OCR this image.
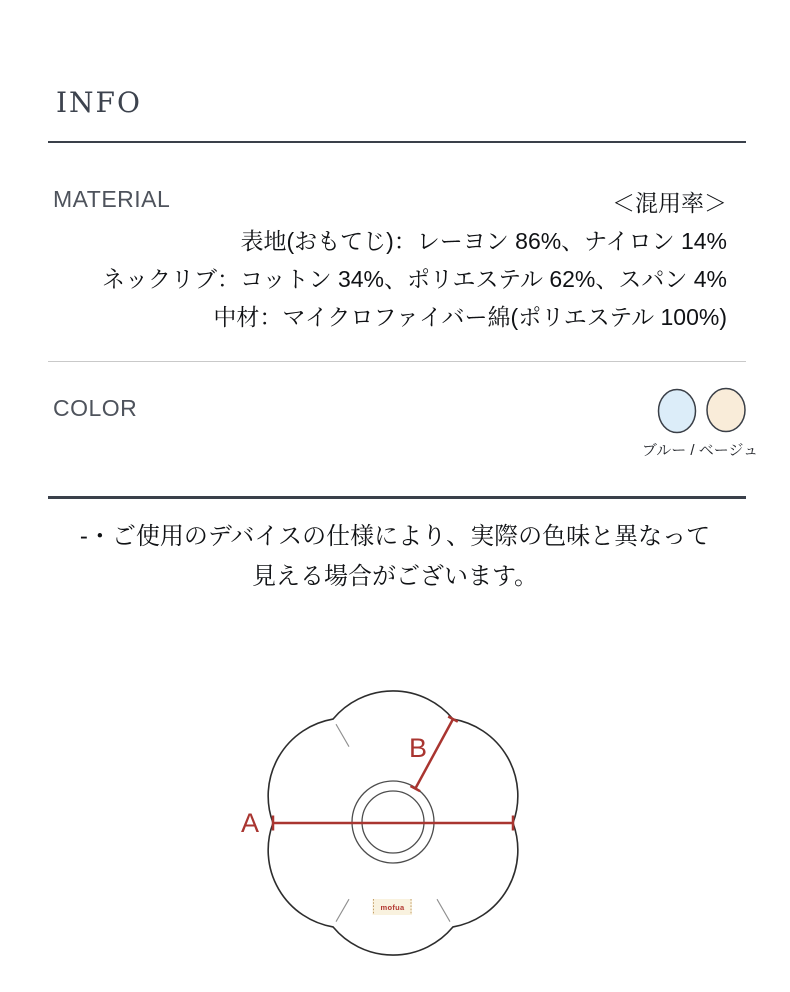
INFO
MATERIAL	＜混用率＞
表地(おもてじ)：レーヨン 86%、ナイロン 14%
ネックリブ：コットン 34%、ポリエステル 62%、スパン 4%
中材：マイクロファイバー綿(ポリエステル 100%)
COLOR
ブルー / ベージュ
-・ご使用のデバイスの仕様により、実際の色味と異なって
見える場合がございます。
A
B
mofua
